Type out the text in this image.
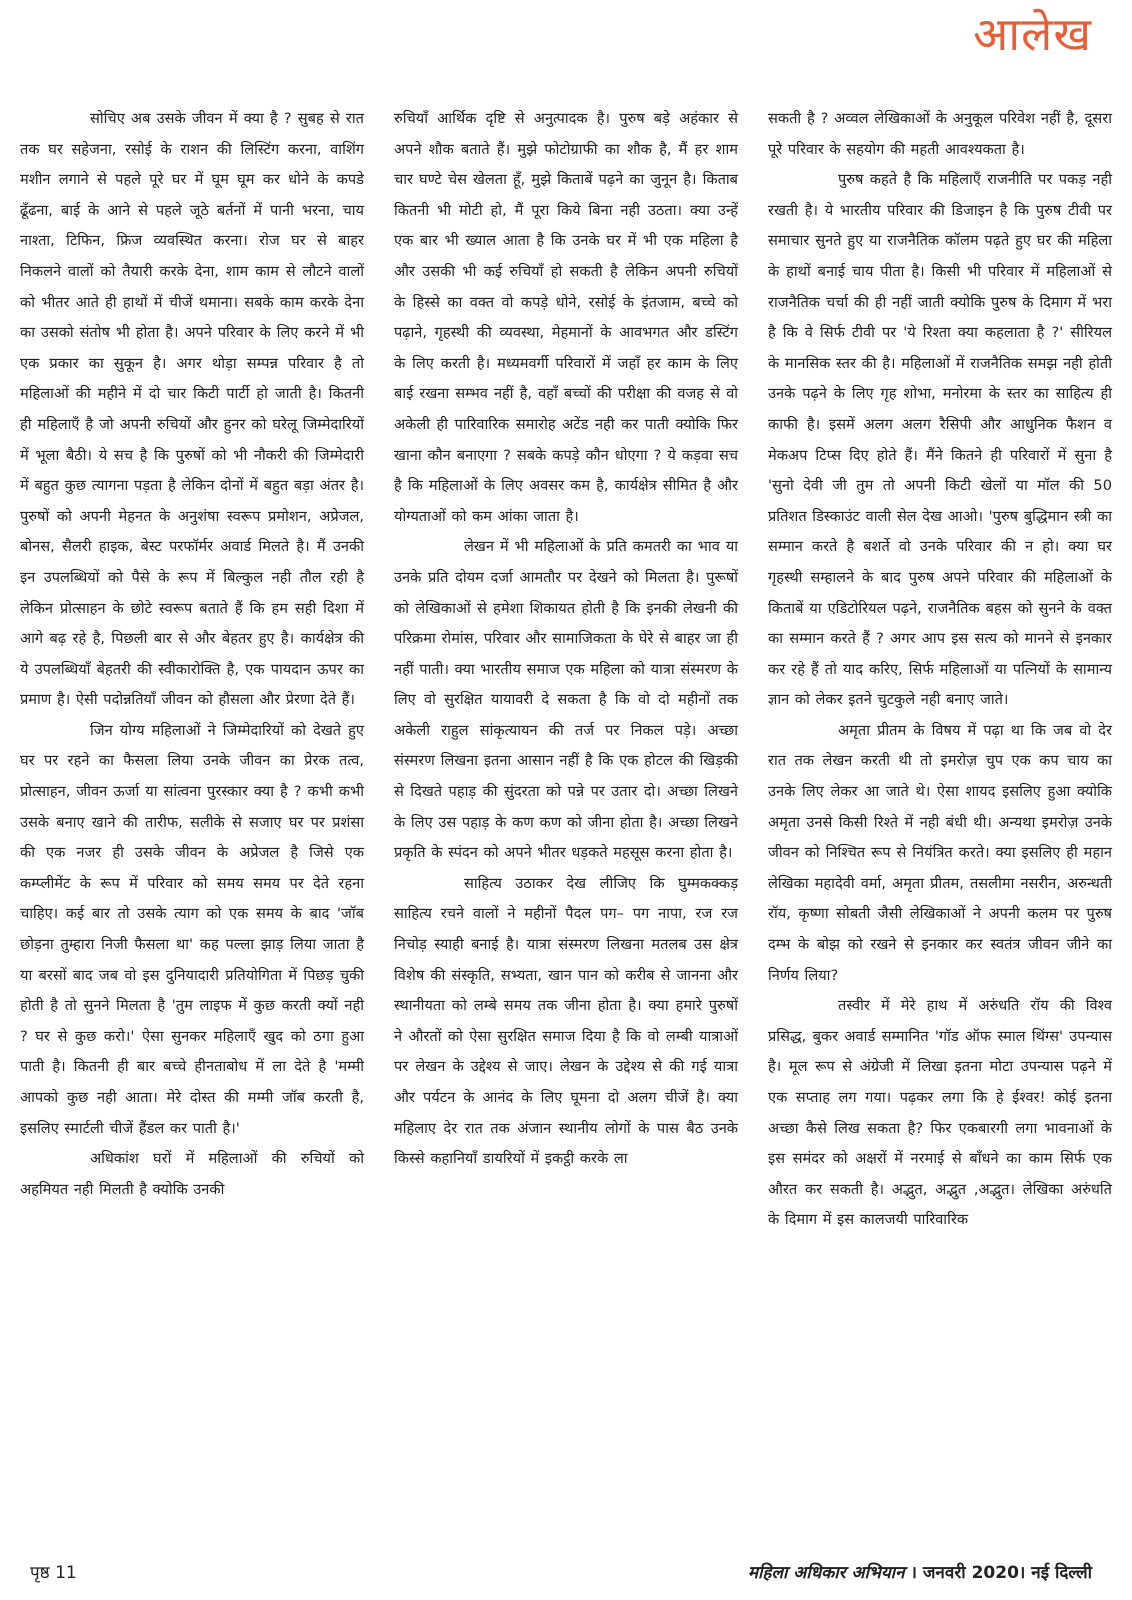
आलेख

सोचिए अब उसके जीवन में क्या है ? सुबह से रात तक घर सहेजना, रसोई के राशन की लिस्टिंग करना, वाशिंग मशीन लगाने से पहले पूरे घर में घूम घूम कर धोने के कपडे ढूँढना, बाई के आने से पहले जूठे बर्तनों में पानी भरना, चाय नाश्ता, टिफिन, फ्रिज व्यवस्थित करना। रोज घर से बाहर निकलने वालों को तैयारी करके देना, शाम काम से लौटने वालों को भीतर आते ही हाथों में चीजें थमाना। सबके काम करके देना का उसको संतोष भी होता है। अपने परिवार के लिए करने में भी एक प्रकार का सुकून है। अगर थोड़ा सम्पन्न परिवार है तो महिलाओं की महीने में दो चार किटी पार्टी हो जाती है। कितनी ही महिलाएँ है जो अपनी रुचियों और हुनर को घरेलू जिम्मेदारियों में भूला बैठी। ये सच है कि पुरुषों को भी नौकरी की जिम्मेदारी में बहुत कुछ त्यागना पड़ता है लेकिन दोनों में बहुत बड़ा अंतर है। पुरुषों को अपनी मेहनत के अनुशंषा स्वरूप प्रमोशन, अप्रेजल, बोनस, सैलरी हाइक, बेस्ट परफॉर्मर अवार्ड मिलते है। मैं उनकी इन उपलब्धियों को पैसे के रूप में बिल्कुल नही तौल रही है लेकिन प्रोत्साहन के छोटे स्वरूप बताते हैं कि हम सही दिशा में आगे बढ़ रहे है, पिछली बार से और बेहतर हुए है। कार्यक्षेत्र की ये उपलब्धियाँ बेहतरी की स्वीकारोक्ति है, एक पायदान ऊपर का प्रमाण है। ऐसी पदोन्नतियाँ जीवन को हौसला और प्रेरणा देते हैं।

जिन योग्य महिलाओं ने जिम्मेदारियों को देखते हुए घर पर रहने का फैसला लिया उनके जीवन का प्रेरक तत्व, प्रोत्साहन, जीवन ऊर्जा या सांत्वना पुरस्कार क्या है ? कभी कभी उसके बनाए खाने की तारीफ, सलीके से सजाए घर पर प्रशंसा की एक नजर ही उसके जीवन के अप्रेजल है जिसे एक कम्प्लीमेंट के रूप में परिवार को समय समय पर देते रहना चाहिए। कई बार तो उसके त्याग को एक समय के बाद 'जॉब छोड़ना तुम्हारा निजी फैसला था' कह पल्ला झाड़ लिया जाता है या बरसों बाद जब वो इस दुनियादारी प्रतियोगिता में पिछड़ चुकी होती है तो सुनने मिलता है 'तुम लाइफ में कुछ करती क्यों नही ? घर से कुछ करो।' ऐसा सुनकर महिलाएँ खुद को ठगा हुआ पाती है। कितनी ही बार बच्चे हीनताबोध में ला देते है 'मम्मी आपको कुछ नही आता। मेरे दोस्त की मम्मी जॉब करती है, इसलिए स्मार्टली चीजें हैंडल कर पाती है।'

अधिकांश घरों में महिलाओं की रुचियों को अहमियत नही मिलती है क्योकि उनकी

रुचियाँ आर्थिक दृष्टि से अनुत्पादक है। पुरुष बड़े अहंकार से अपने शौक बताते हैं। मुझे फोटोग्राफी का शौक है, मैं हर शाम चार घण्टे चेस खेलता हूँ, मुझे किताबें पढ़ने का जुनून है। किताब कितनी भी मोटी हो, मैं पूरा किये बिना नही उठता। क्या उन्हें एक बार भी ख्याल आता है कि उनके घर में भी एक महिला है और उसकी भी कई रुचियाँ हो सकती है लेकिन अपनी रुचियों के हिस्से का वक्त वो कपड़े धोने, रसोई के इंतजाम, बच्चे को पढ़ाने, गृहस्थी की व्यवस्था, मेहमानों के आवभगत और डस्टिंग के लिए करती है। मध्यमवर्गी परिवारों में जहाँ हर काम के लिए बाई रखना सम्भव नहीं है, वहाँ बच्चों की परीक्षा की वजह से वो अकेली ही पारिवारिक समारोह अटेंड नही कर पाती क्योकि फिर खाना कौन बनाएगा ? सबके कपड़े कौन धोएगा ? ये कड़वा सच है कि महिलाओं के लिए अवसर कम है, कार्यक्षेत्र सीमित है और योग्यताओं को कम आंका जाता है।

लेखन में भी महिलाओं के प्रति कमतरी का भाव या उनके प्रति दोयम दर्जा आमतौर पर देखने को मिलता है। पुरूषों को लेखिकाओं से हमेशा शिकायत होती है कि इनकी लेखनी की परिक्रमा रोमांस, परिवार और सामाजिकता के घेरे से बाहर जा ही नहीं पाती। क्या भारतीय समाज एक महिला को यात्रा संस्मरण के लिए वो सुरक्षित यायावरी दे सकता है कि वो दो महीनों तक अकेली राहुल सांकृत्यायन की तर्ज पर निकल पड़े। अच्छा संस्मरण लिखना इतना आसान नहीं है कि एक होटल की खिड़की से दिखते पहाड़ की सुंदरता को पन्ने पर उतार दो। अच्छा लिखने के लिए उस पहाड़ के कण कण को जीना होता है। अच्छा लिखने प्रकृति के स्पंदन को अपने भीतर धड़कते महसूस करना होता है।

साहित्य उठाकर देख लीजिए कि घुम्मकक्कड़ साहित्य रचने वालों ने महीनों पैदल पग– पग नापा, रज रज निचोड़ स्याही बनाई है। यात्रा संस्मरण लिखना मतलब उस क्षेत्र विशेष की संस्कृति, सभ्यता, खान पान को करीब से जानना और स्थानीयता को लम्बे समय तक जीना होता है। क्या हमारे पुरुषों ने औरतों को ऐसा सुरक्षित समाज दिया है कि वो लम्बी यात्राओं पर लेखन के उद्देश्य से जाए। लेखन के उद्देश्य से की गई यात्रा और पर्यटन के आनंद के लिए घूमना दो अलग चीजें है। क्या महिलाए देर रात तक अंजान स्थानीय लोगों के पास बैठ उनके किस्से कहानियाँ डायरियों में इकट्ठी करके ला

सकती है ? अव्वल लेखिकाओं के अनुकूल परिवेश नहीं है, दूसरा पूरे परिवार के सहयोग की महती आवश्यकता है।

पुरुष कहते है कि महिलाएँ राजनीति पर पकड़ नही रखती है। ये भारतीय परिवार की डिजाइन है कि पुरुष टीवी पर समाचार सुनते हुए या राजनैतिक कॉलम पढ़ते हुए घर की महिला के हाथों बनाई चाय पीता है। किसी भी परिवार में महिलाओं से राजनैतिक चर्चा की ही नहीं जाती क्योकि पुरुष के दिमाग में भरा है कि वे सिर्फ टीवी पर 'ये रिश्ता क्या कहलाता है ?' सीरियल के मानसिक स्तर की है। महिलाओं में राजनैतिक समझ नही होती उनके पढ़ने के लिए गृह शोभा, मनोरमा के स्तर का साहित्य ही काफी है। इसमें अलग अलग रैसिपी और आधुनिक फैशन व मेकअप टिप्स दिए होते हैं। मैंने कितने ही परिवारों में सुना है 'सुनो देवी जी तुम तो अपनी किटी खेलों या मॉल की 50 प्रतिशत डिस्काउंट वाली सेल देख आओ। 'पुरुष बुद्धिमान स्त्री का सम्मान करते है बशर्ते वो उनके परिवार की न हो। क्या घर गृहस्थी सम्हालने के बाद पुरुष अपने परिवार की महिलाओं के किताबें या एडिटोरियल पढ़ने, राजनैतिक बहस को सुनने के वक्त का सम्मान करते हैं ? अगर आप इस सत्य को मानने से इनकार कर रहे हैं तो याद करिए, सिर्फ महिलाओं या पत्नियों के सामान्य ज्ञान को लेकर इतने चुटकुले नही बनाए जाते।

अमृता प्रीतम के विषय में पढ़ा था कि जब वो देर रात तक लेखन करती थी तो इमरोज़ चुप एक कप चाय का उनके लिए लेकर आ जाते थे। ऐसा शायद इसलिए हुआ क्योकि अमृता उनसे किसी रिश्ते में नही बंधी थी। अन्यथा इमरोज़ उनके जीवन को निश्चित रूप से नियंत्रित करते। क्या इसलिए ही महान लेखिका महादेवी वर्मा, अमृता प्रीतम, तसलीमा नसरीन, अरुन्धती रॉय, कृष्णा सोबती जैसी लेखिकाओं ने अपनी कलम पर पुरुष दम्भ के बोझ को रखने से इनकार कर स्वतंत्र जीवन जीने का निर्णय लिया?

तस्वीर में मेरे हाथ में अरुंधति रॉय की विश्व प्रसिद्ध, बुकर अवार्ड सम्मानित 'गॉड ऑफ स्माल थिंग्स' उपन्यास है। मूल रूप से अंग्रेजी में लिखा इतना मोटा उपन्यास पढ़ने में एक सप्ताह लग गया। पढ़कर लगा कि हे ईश्वर! कोई इतना अच्छा कैसे लिख सकता है? फिर एकबारगी लगा भावनाओं के इस समंदर को अक्षरों में नरमाई से बाँधने का काम सिर्फ एक औरत कर सकती है। अद्भुत, अद्भुत ,अद्भुत। लेखिका अरुंधति के दिमाग में इस कालजयी पारिवारिक

पृष्ठ 11	महिला अधिकार अभियान । जनवरी 2020। नई दिल्ली
